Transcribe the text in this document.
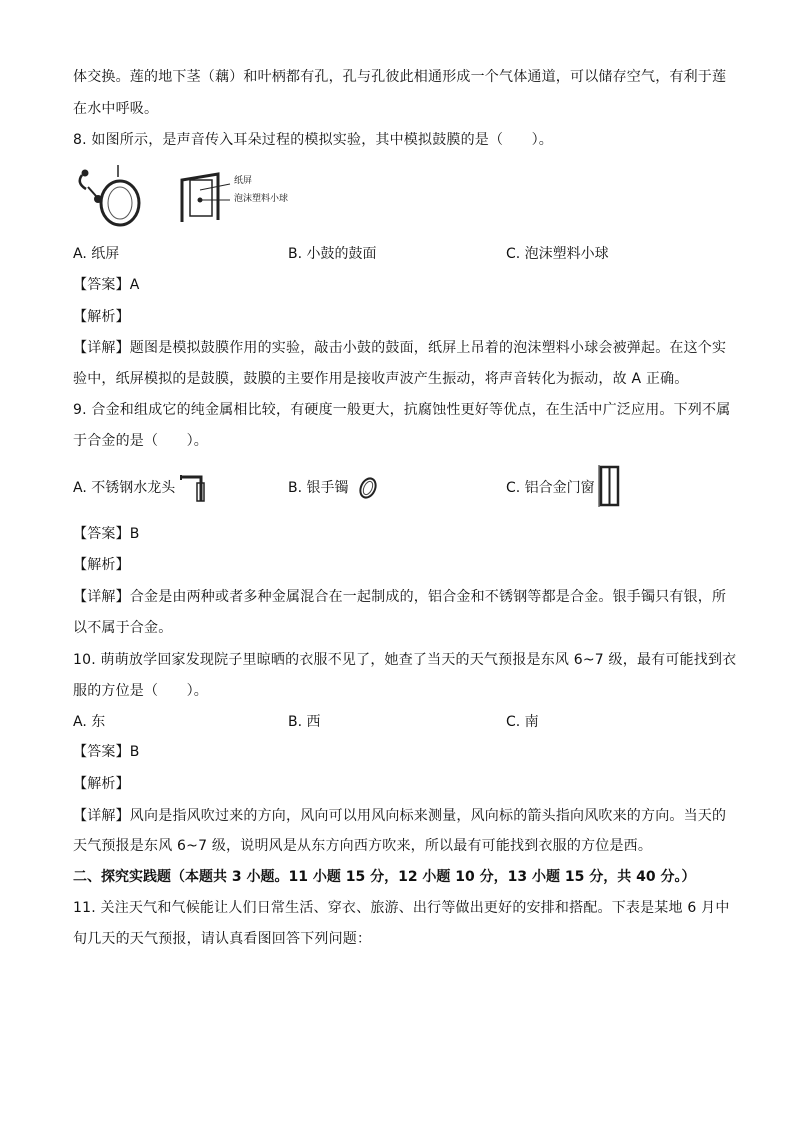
体交换。莲的地下茎（藕）和叶柄都有孔，孔与孔彼此相通形成一个气体通道，可以储存空气，有利于莲
在水中呼吸。
8. 如图所示，是声音传入耳朵过程的模拟实验，其中模拟鼓膜的是（　　）。
纸屏
泡沫塑料小球
A. 纸屏	B. 小鼓的鼓面	C. 泡沫塑料小球
【答案】A
【解析】
【详解】题图是模拟鼓膜作用的实验，敲击小鼓的鼓面，纸屏上吊着的泡沫塑料小球会被弹起。在这个实
验中，纸屏模拟的是鼓膜，鼓膜的主要作用是接收声波产生振动，将声音转化为振动，故 A 正确。
9. 合金和组成它的纯金属相比较，有硬度一般更大，抗腐蚀性更好等优点，在生活中广泛应用。下列不属
于合金的是（　　）。
A. 不锈钢水龙头	B. 银手镯	C. 铝合金门窗
【答案】B
【解析】
【详解】合金是由两种或者多种金属混合在一起制成的，铝合金和不锈钢等都是合金。银手镯只有银，所
以不属于合金。
10. 萌萌放学回家发现院子里晾晒的衣服不见了，她查了当天的天气预报是东风 6~7 级，最有可能找到衣
服的方位是（　　）。
A. 东	B. 西	C. 南
【答案】B
【解析】
【详解】风向是指风吹过来的方向，风向可以用风向标来测量，风向标的箭头指向风吹来的方向。当天的
天气预报是东风 6~7 级，说明风是从东方向西方吹来，所以最有可能找到衣服的方位是西。
二、探究实践题（本题共 3 小题。11 小题 15 分，12 小题 10 分，13 小题 15 分，共 40 分。）
11. 关注天气和气候能让人们日常生活、穿衣、旅游、出行等做出更好的安排和搭配。下表是某地 6 月中
旬几天的天气预报，请认真看图回答下列问题：
